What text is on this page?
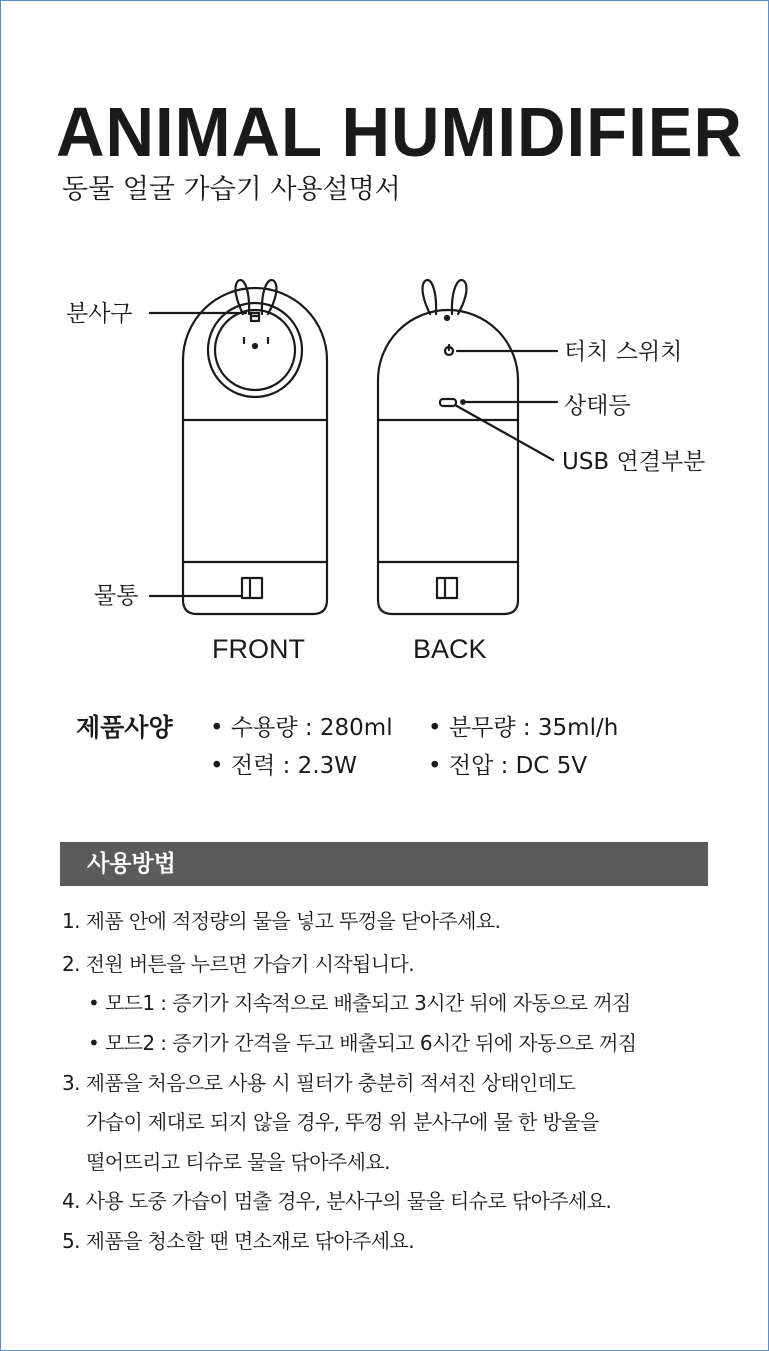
ANIMAL HUMIDIFIER
동물 얼굴 가습기 사용설명서
분사구
물통
터치 스위치
상태등
USB 연결부분
FRONT	BACK
제품사양 • 수용량 : 280ml • 분무량 : 35ml/h
• 전력 : 2.3W	• 전압 : DC 5V
사용방법
1. 제품 안에 적정량의 물을 넣고 뚜껑을 닫아주세요.
2. 전원 버튼을 누르면 가습기 시작됩니다.
• 모드1 : 증기가 지속적으로 배출되고 3시간 뒤에 자동으로 꺼짐
• 모드2 : 증기가 간격을 두고 배출되고 6시간 뒤에 자동으로 꺼짐
3. 제품을 처음으로 사용 시 필터가 충분히 적셔진 상태인데도
가습이 제대로 되지 않을 경우, 뚜껑 위 분사구에 물 한 방울을
떨어뜨리고 티슈로 물을 닦아주세요.
4. 사용 도중 가습이 멈출 경우, 분사구의 물을 티슈로 닦아주세요.
5. 제품을 청소할 땐 면소재로 닦아주세요.
